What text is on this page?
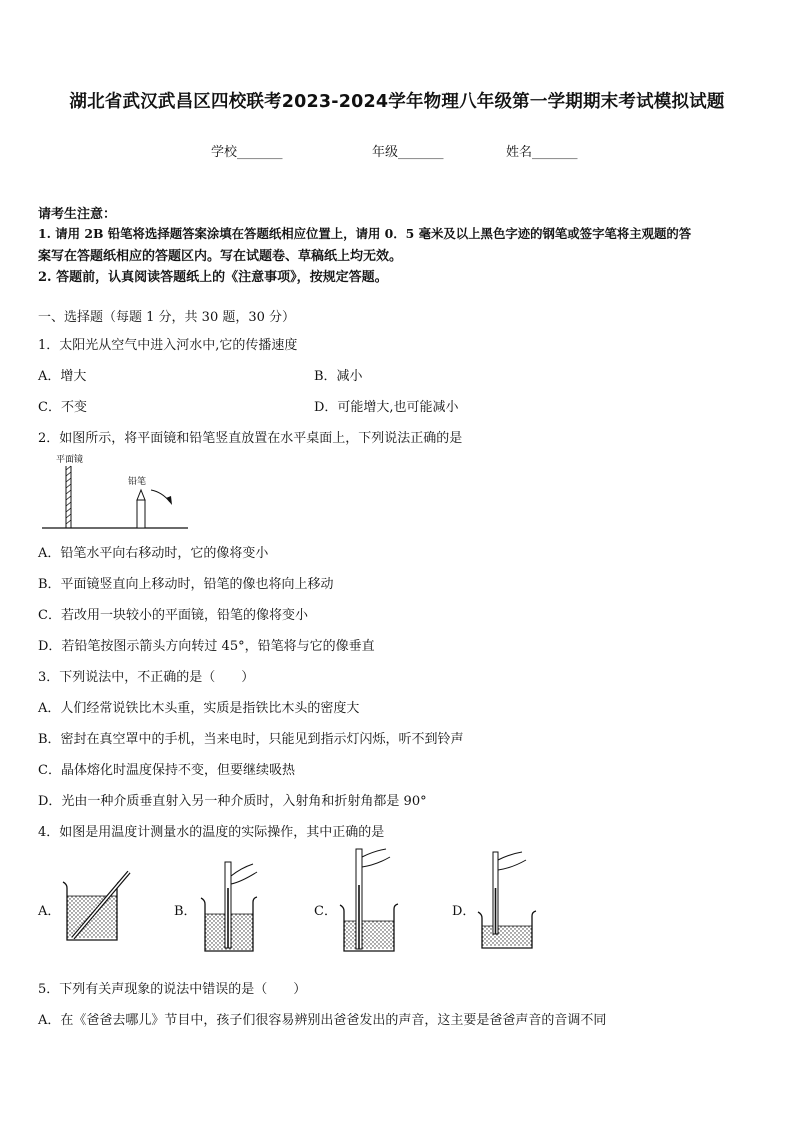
湖北省武汉武昌区四校联考2023-2024学年物理八年级第一学期期末考试模拟试题
学校_______	年级_______	姓名_______
请考生注意：
1. 请用 2B 铅笔将选择题答案涂填在答题纸相应位置上，请用 0．5 毫米及以上黑色字迹的钢笔或签字笔将主观题的答
案写在答题纸相应的答题区内。写在试题卷、草稿纸上均无效。
2. 答题前，认真阅读答题纸上的《注意事项》，按规定答题。
一、选择题（每题 1 分，共 30 题，30 分）
1．太阳光从空气中进入河水中,它的传播速度
A．增大	B．减小
C．不变	D．可能增大,也可能减小
2．如图所示，将平面镜和铅笔竖直放置在水平桌面上，下列说法正确的是
平面镜
铅笔
A．铅笔水平向右移动时，它的像将变小
B．平面镜竖直向上移动时，铅笔的像也将向上移动
C．若改用一块较小的平面镜，铅笔的像将变小
D．若铅笔按图示箭头方向转过 45°，铅笔将与它的像垂直
3．下列说法中，不正确的是（　　）
A．人们经常说铁比木头重，实质是指铁比木头的密度大
B．密封在真空罩中的手机，当来电时，只能见到指示灯闪烁，听不到铃声
C．晶体熔化时温度保持不变，但要继续吸热
D．光由一种介质垂直射入另一种介质时，入射角和折射角都是 90°
4．如图是用温度计测量水的温度的实际操作，其中正确的是
A．	B．	C．	D．
5．下列有关声现象的说法中错误的是（　　）
A．在《爸爸去哪儿》节目中，孩子们很容易辨别出爸爸发出的声音，这主要是爸爸声音的音调不同
